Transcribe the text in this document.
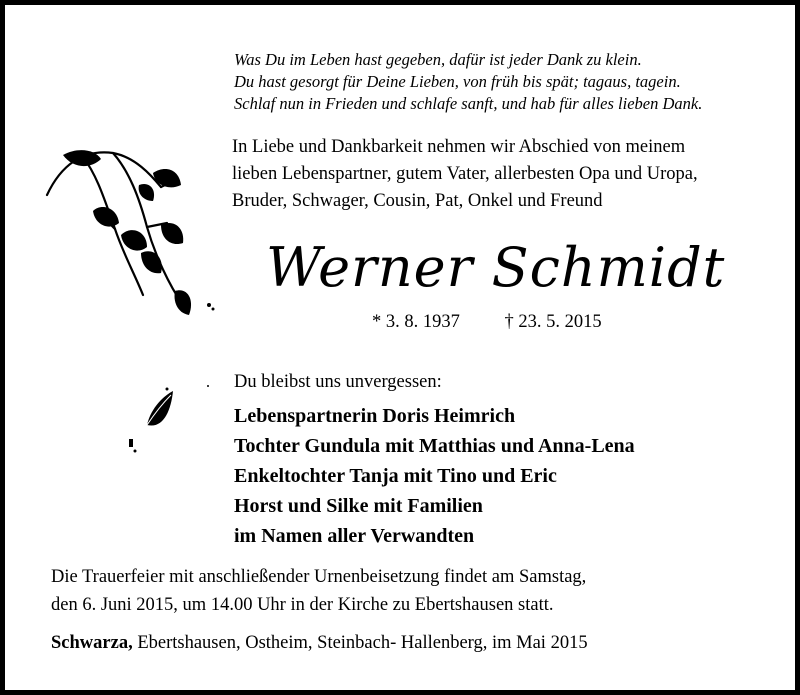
Was Du im Leben hast gegeben, dafür ist jeder Dank zu klein.
Du hast gesorgt für Deine Lieben, von früh bis spät; tagaus, tagein.
Schlaf nun in Frieden und schlafe sanft, und hab für alles lieben Dank.
In Liebe und Dankbarkeit nehmen wir Abschied von meinem
lieben Lebenspartner, gutem Vater, allerbesten Opa und Uropa,
Bruder, Schwager, Cousin, Pat, Onkel und Freund
Werner Schmidt
* 3. 8. 1937 † 23. 5. 2015
Du bleibst uns unvergessen:
Lebenspartnerin Doris Heimrich
Tochter Gundula mit Matthias und Anna-Lena
Enkeltochter Tanja mit Tino und Eric
Horst und Silke mit Familien
im Namen aller Verwandten
Die Trauerfeier mit anschließender Urnenbeisetzung findet am Samstag,
den 6. Juni 2015, um 14.00 Uhr in der Kirche zu Ebertshausen statt.
Schwarza, Ebertshausen, Ostheim, Steinbach- Hallenberg, im Mai 2015
